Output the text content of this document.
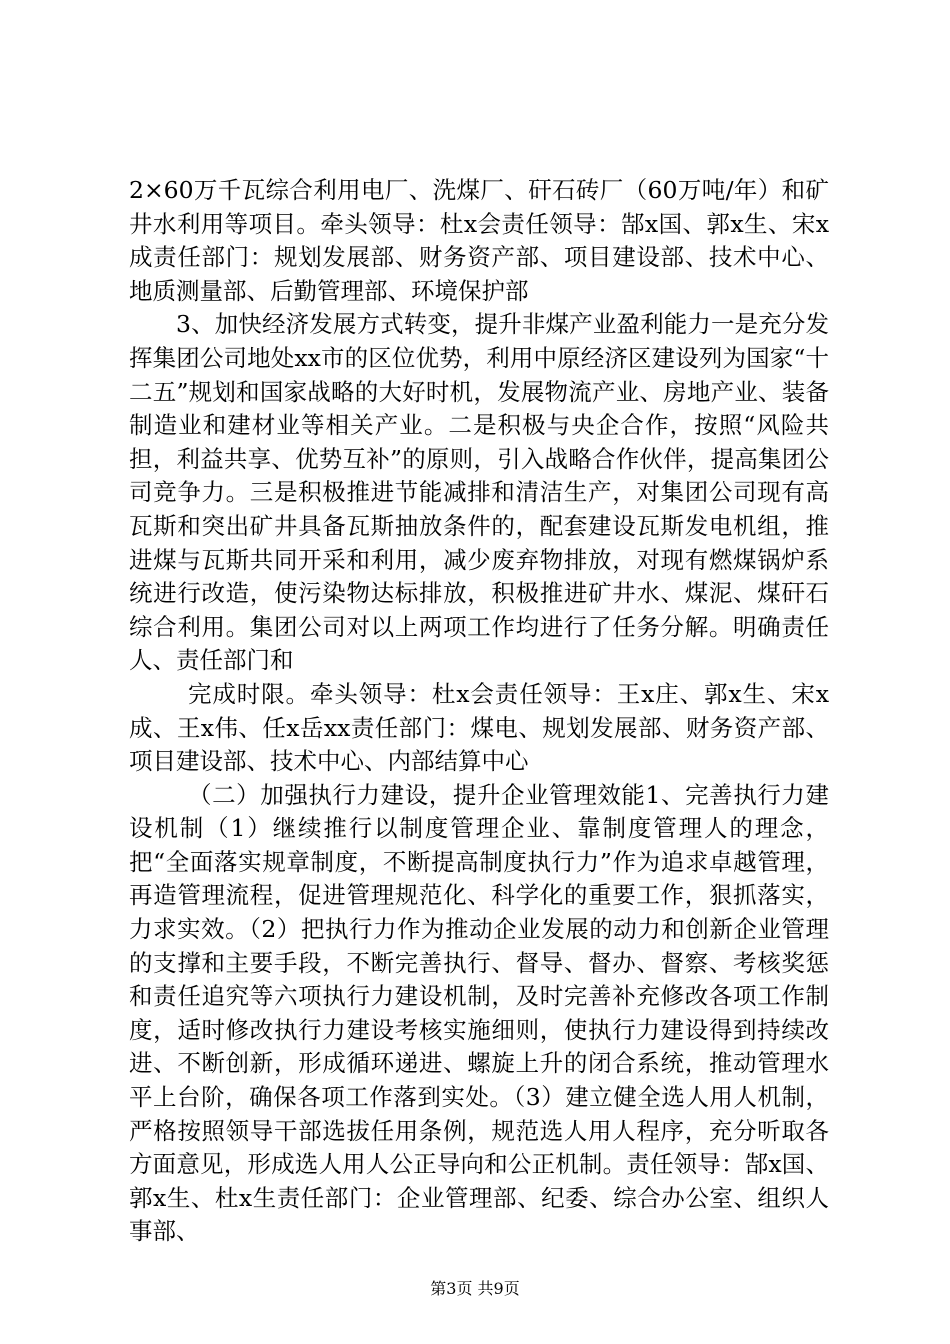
2×60万千瓦综合利用电厂、洗煤厂、矸石砖厂（60万吨/年）和矿井水利用等项目。牵头领导：杜x会责任领导：郜x国、郭x生、宋x成责任部门：规划发展部、财务资产部、项目建设部、技术中心、地质测量部、后勤管理部、环境保护部

3、加快经济发展方式转变，提升非煤产业盈利能力一是充分发挥集团公司地处xx市的区位优势，利用中原经济区建设列为国家“十二五”规划和国家战略的大好时机，发展物流产业、房地产业、装备制造业和建材业等相关产业。二是积极与央企合作，按照“风险共担，利益共享、优势互补”的原则，引入战略合作伙伴，提高集团公司竞争力。三是积极推进节能减排和清洁生产，对集团公司现有高瓦斯和突出矿井具备瓦斯抽放条件的，配套建设瓦斯发电机组，推进煤与瓦斯共同开采和利用，减少废弃物排放，对现有燃煤锅炉系统进行改造，使污染物达标排放，积极推进矿井水、煤泥、煤矸石综合利用。集团公司对以上两项工作均进行了任务分解。明确责任人、责任部门和

完成时限。牵头领导：杜x会责任领导：王x庄、郭x生、宋x成、王x伟、任x岳xx责任部门：煤电、规划发展部、财务资产部、项目建设部、技术中心、内部结算中心

（二）加强执行力建设，提升企业管理效能1、完善执行力建设机制（1）继续推行以制度管理企业、靠制度管理人的理念，把“全面落实规章制度，不断提高制度执行力”作为追求卓越管理，再造管理流程，促进管理规范化、科学化的重要工作，狠抓落实，力求实效。（2）把执行力作为推动企业发展的动力和创新企业管理的支撑和主要手段，不断完善执行、督导、督办、督察、考核奖惩和责任追究等六项执行力建设机制，及时完善补充修改各项工作制度，适时修改执行力建设考核实施细则，使执行力建设得到持续改进、不断创新，形成循环递进、螺旋上升的闭合系统，推动管理水平上台阶，确保各项工作落到实处。（3）建立健全选人用人机制，严格按照领导干部选拔任用条例，规范选人用人程序，充分听取各方面意见，形成选人用人公正导向和公正机制。责任领导：郜x国、郭x生、杜x生责任部门：企业管理部、纪委、综合办公室、组织人事部、

第3页 共9页
